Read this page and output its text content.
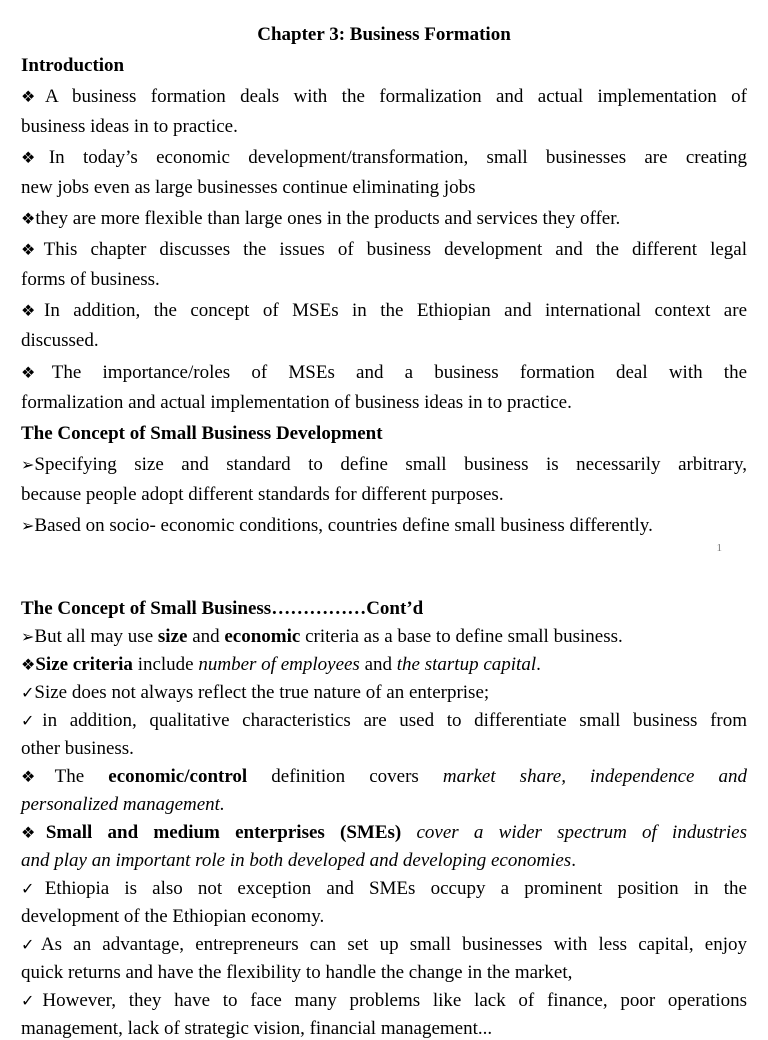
Chapter 3: Business Formation
Introduction
❖A business formation deals with the formalization and actual implementation of
business ideas in to practice.
❖In today’s economic development/transformation, small businesses are creating
new jobs even as large businesses continue eliminating jobs
❖they are more flexible than large ones in the products and services they offer.
❖This chapter discusses the issues of business development and the different legal
forms of business.
❖In addition, the concept of MSEs in the Ethiopian and international context are
discussed.
❖The importance/roles of MSEs and a business formation deal with the
formalization and actual implementation of business ideas in to practice.
The Concept of Small Business Development
➢Specifying size and standard to define small business is necessarily arbitrary,
because people adopt different standards for different purposes.
➢Based on socio- economic conditions, countries define small business differently.
1
The Concept of Small Business……………Cont’d
➢But all may use size and economic criteria as a base to define small business.
❖Size criteria include number of employees and the startup capital.
✓Size does not always reflect the true nature of an enterprise;
✓in addition, qualitative characteristics are used to differentiate small business from
other business.
❖The economic/control definition covers market share, independence and
personalized management.
❖Small and medium enterprises (SMEs) cover a wider spectrum of industries
and play an important role in both developed and developing economies.
✓Ethiopia is also not exception and SMEs occupy a prominent position in the
development of the Ethiopian economy.
✓As an advantage, entrepreneurs can set up small businesses with less capital, enjoy
quick returns and have the flexibility to handle the change in the market,
✓However, they have to face many problems like lack of finance, poor operations
management, lack of strategic vision, financial management...
